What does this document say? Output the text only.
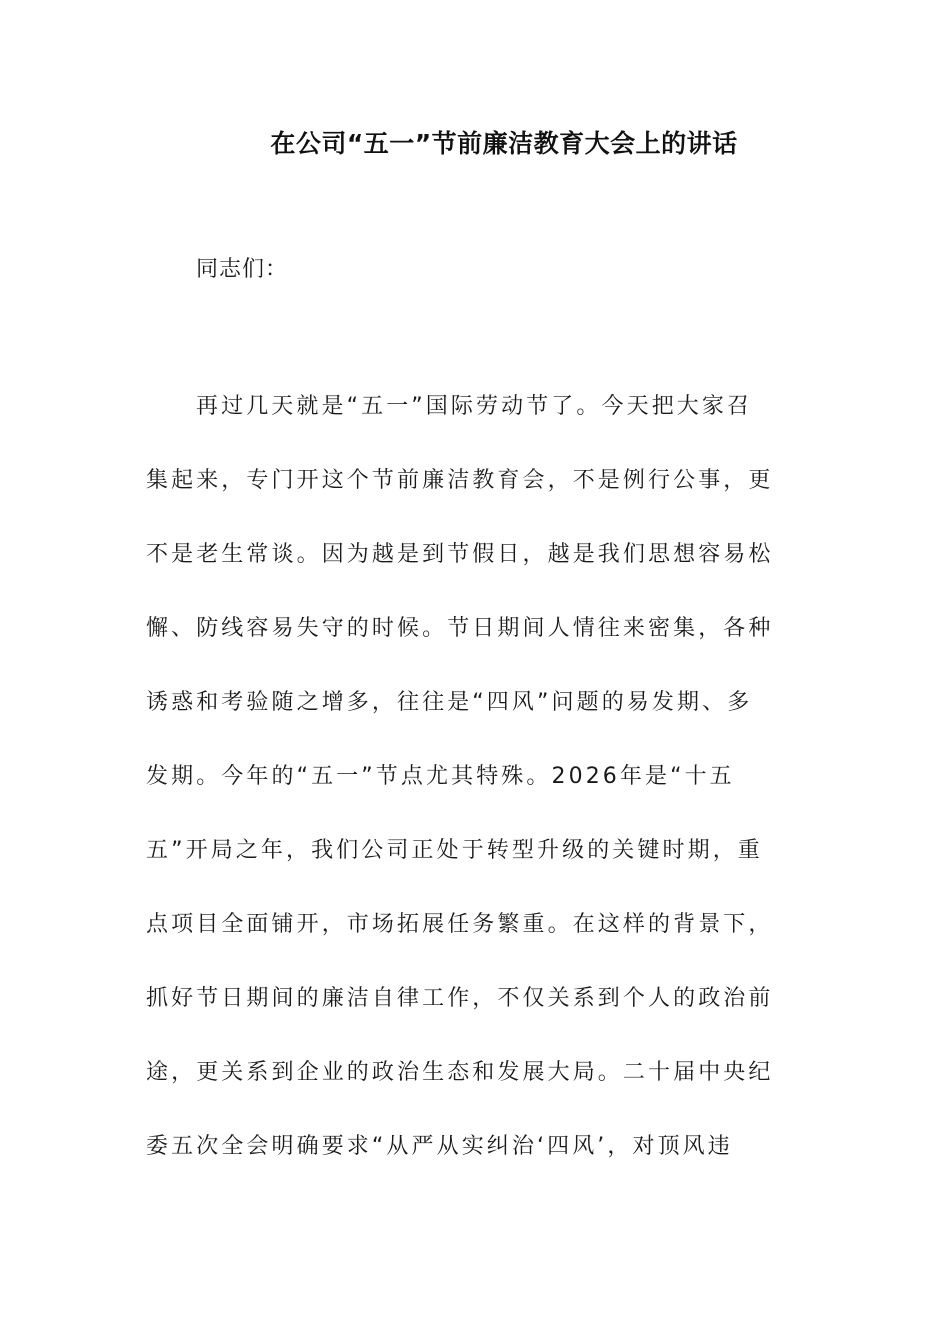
在公司“五一”节前廉洁教育大会上的讲话

同志们：

再过几天就是“五一”国际劳动节了。今天把大家召
集起来，专门开这个节前廉洁教育会，不是例行公事，更
不是老生常谈。因为越是到节假日，越是我们思想容易松
懈、防线容易失守的时候。节日期间人情往来密集，各种
诱惑和考验随之增多，往往是“四风”问题的易发期、多
发期。今年的“五一”节点尤其特殊。2026年是“十五
五”开局之年，我们公司正处于转型升级的关键时期，重
点项目全面铺开，市场拓展任务繁重。在这样的背景下，
抓好节日期间的廉洁自律工作，不仅关系到个人的政治前
途，更关系到企业的政治生态和发展大局。二十届中央纪
委五次全会明确要求“从严从实纠治‘四风’，对顶风违
